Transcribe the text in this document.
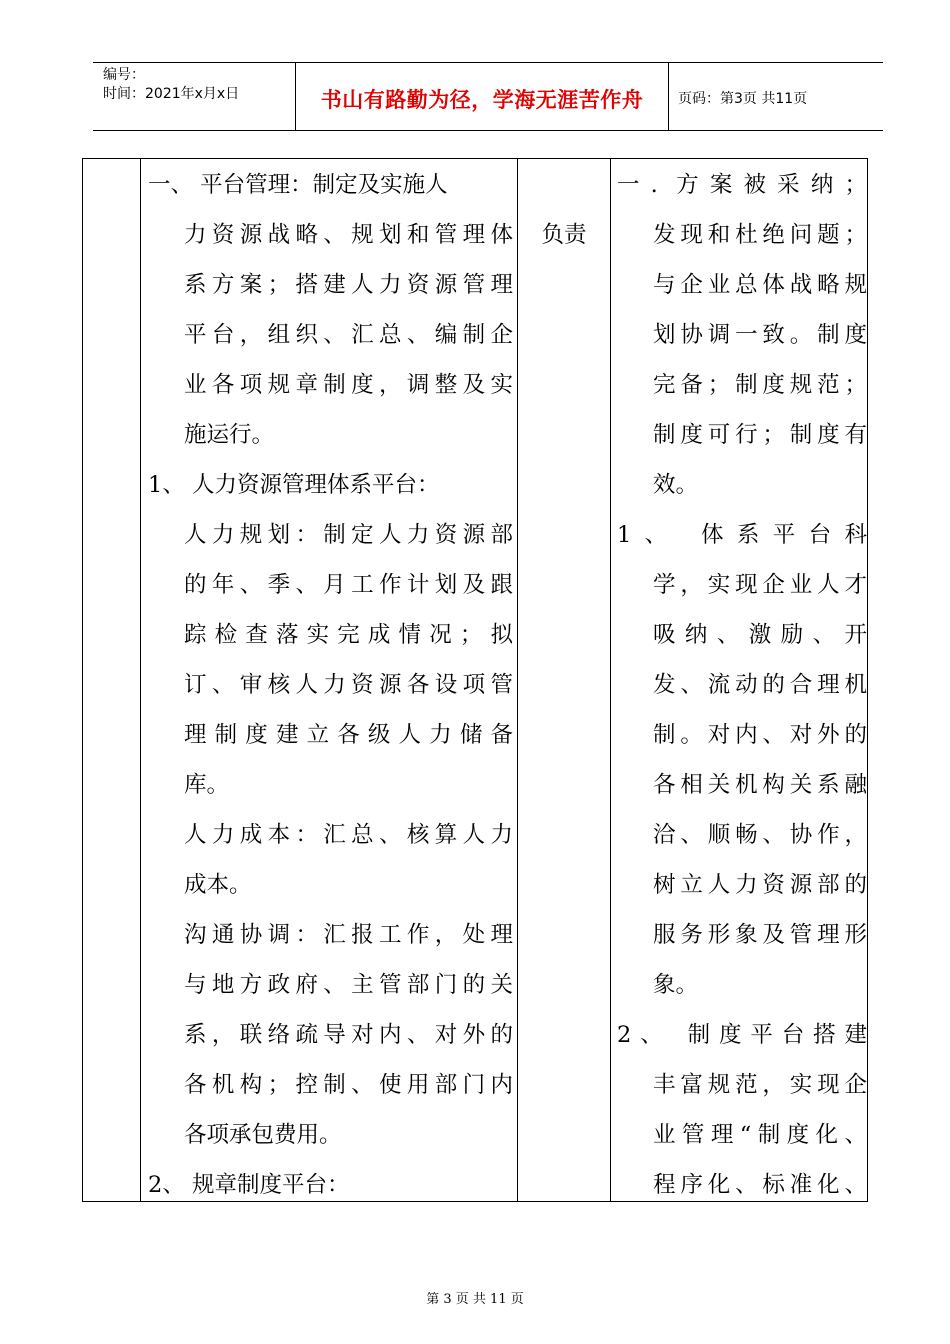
编号：
时间：2021年x月x日	书山有路勤为径，学海无涯苦作舟	页码：第3页 共11页
一、 平台管理：制定及实施人
力资源战略、规划和管理体
系方案；搭建人力资源管理
平台，组织、汇总、编制企
业各项规章制度，调整及实
施运行。
1、 人力资源管理体系平台：
人力规划：制定人力资源部
的年、季、月工作计划及跟
踪检查落实完成情况；拟
订、审核人力资源各设项管
理制度建立各级人力储备
库。
人力成本：汇总、核算人力
成本。
沟通协调：汇报工作，处理
与地方政府、主管部门的关
系，联络疏导对内、对外的
各机构；控制、使用部门内
各项承包费用。
2、 规章制度平台：
负责
一. 方案被采纳；
发现和杜绝问题；
与企业总体战略规
划协调一致。制度
完备；制度规范；
制度可行；制度有
效。
1、 体系平台科
学，实现企业人才
吸纳、激励、开
发、流动的合理机
制。对内、对外的
各相关机构关系融
洽、顺畅、协作，
树立人力资源部的
服务形象及管理形
象。
2、 制度平台搭建
丰富规范，实现企
业管理“制度化、
程序化、标准化、
第 3 页 共 11 页
